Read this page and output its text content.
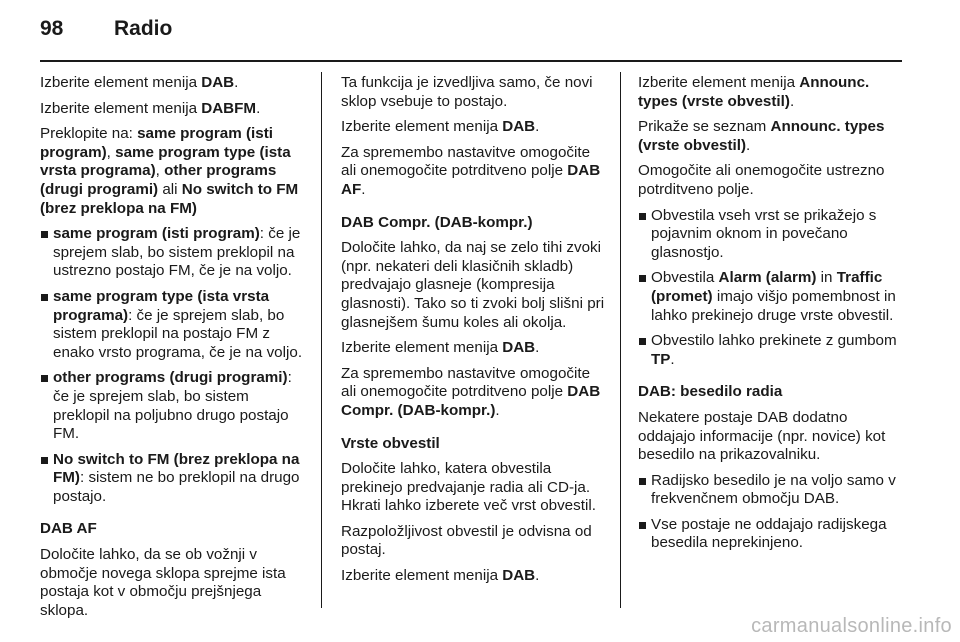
98 Radio

Izberite element menija DAB.

Izberite element menija DABFM.

Preklopite na: same program (isti program), same program type (ista vrsta programa), other programs (drugi programi) ali No switch to FM (brez preklopa na FM)

same program (isti program): če je sprejem slab, bo sistem preklopil na ustrezno postajo FM, če je na voljo.
same program type (ista vrsta programa): če je sprejem slab, bo sistem preklopil na postajo FM z enako vrsto programa, če je na voljo.
other programs (drugi programi): če je sprejem slab, bo sistem preklopil na poljubno drugo postajo FM.
No switch to FM (brez preklopa na FM): sistem ne bo preklopil na drugo postajo.

DAB AF

Določite lahko, da se ob vožnji v območje novega sklopa sprejme ista postaja kot v območju prejšnjega sklopa.

Ta funkcija je izvedljiva samo, če novi sklop vsebuje to postajo.

Izberite element menija DAB.

Za spremembo nastavitve omogočite ali onemogočite potrditveno polje DAB AF.

DAB Compr. (DAB-kompr.)

Določite lahko, da naj se zelo tihi zvoki (npr. nekateri deli klasičnih skladb) predvajajo glasneje (kompresija glasnosti). Tako so ti zvoki bolj slišni pri glasnejšem šumu koles ali okolja.

Izberite element menija DAB.

Za spremembo nastavitve omogočite ali onemogočite potrditveno polje DAB Compr. (DAB-kompr.).

Vrste obvestil

Določite lahko, katera obvestila prekinejo predvajanje radia ali CD-ja. Hkrati lahko izberete več vrst obvestil.

Razpoložljivost obvestil je odvisna od postaj.

Izberite element menija DAB.

Izberite element menija Announc. types (vrste obvestil).

Prikaže se seznam Announc. types (vrste obvestil).

Omogočite ali onemogočite ustrezno potrditveno polje.

Obvestila vseh vrst se prikažejo s pojavnim oknom in povečano glasnostjo.
Obvestila Alarm (alarm) in Traffic (promet) imajo višjo pomembnost in lahko prekinejo druge vrste obvestil.
Obvestilo lahko prekinete z gumbom TP.

DAB: besedilo radia

Nekatere postaje DAB dodatno oddajajo informacije (npr. novice) kot besedilo na prikazovalniku.

Radijsko besedilo je na voljo samo v frekvenčnem območju DAB.
Vse postaje ne oddajajo radijskega besedila neprekinjeno.
carmanualsonline.info
